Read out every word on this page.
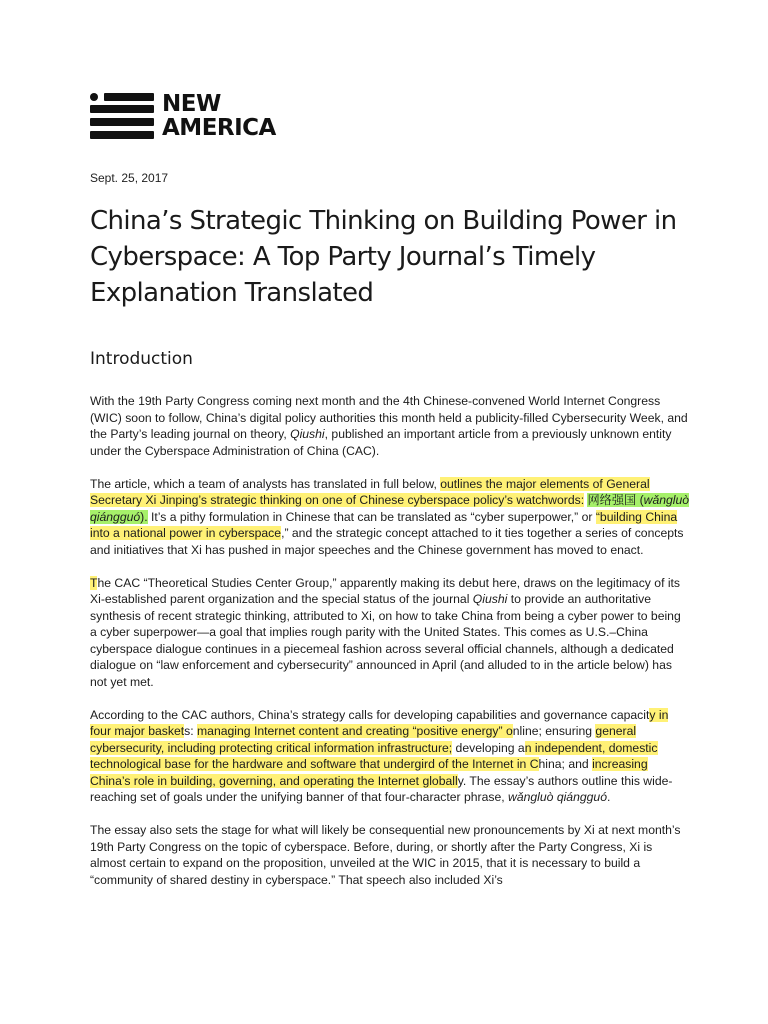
NEW
AMERICA
Sept. 25, 2017
China’s Strategic Thinking on Building Power in Cyberspace: A Top Party Journal’s Timely Explanation Translated
Introduction

With the 19th Party Congress coming next month and the 4th Chinese-convened World Internet Congress (WIC) soon to follow, China’s digital policy authorities this month held a publicity-filled Cybersecurity Week, and the Party’s leading journal on theory, Qiushi, published an important article from a previously unknown entity under the Cyberspace Administration of China (CAC).

The article, which a team of analysts has translated in full below, outlines the major elements of General Secretary Xi Jinping’s strategic thinking on one of Chinese cyberspace policy’s watchwords: 网络强国 (wǎngluò qiángguó). It’s a pithy formulation in Chinese that can be translated as “cyber superpower,” or “building China into a national power in cyberspace,” and the strategic concept attached to it ties together a series of concepts and initiatives that Xi has pushed in major speeches and the Chinese government has moved to enact.

The CAC “Theoretical Studies Center Group,” apparently making its debut here, draws on the legitimacy of its Xi-established parent organization and the special status of the journal Qiushi to provide an authoritative synthesis of recent strategic thinking, attributed to Xi, on how to take China from being a cyber power to being a cyber superpower—a goal that implies rough parity with the United States. This comes as U.S.–China cyberspace dialogue continues in a piecemeal fashion across several official channels, although a dedicated dialogue on “law enforcement and cybersecurity” announced in April (and alluded to in the article below) has not yet met.

According to the CAC authors, China’s strategy calls for developing capabilities and governance capacity in four major baskets: managing Internet content and creating “positive energy” online; ensuring general cybersecurity, including protecting critical information infrastructure; developing an independent, domestic technological base for the hardware and software that undergird of the Internet in China; and increasing China’s role in building, governing, and operating the Internet globally. The essay’s authors outline this wide-reaching set of goals under the unifying banner of that four-character phrase, wǎngluò qiángguó.

The essay also sets the stage for what will likely be consequential new pronouncements by Xi at next month’s 19th Party Congress on the topic of cyberspace. Before, during, or shortly after the Party Congress, Xi is almost certain to expand on the proposition, unveiled at the WIC in 2015, that it is necessary to build a “community of shared destiny in cyberspace.” That speech also included Xi’s
